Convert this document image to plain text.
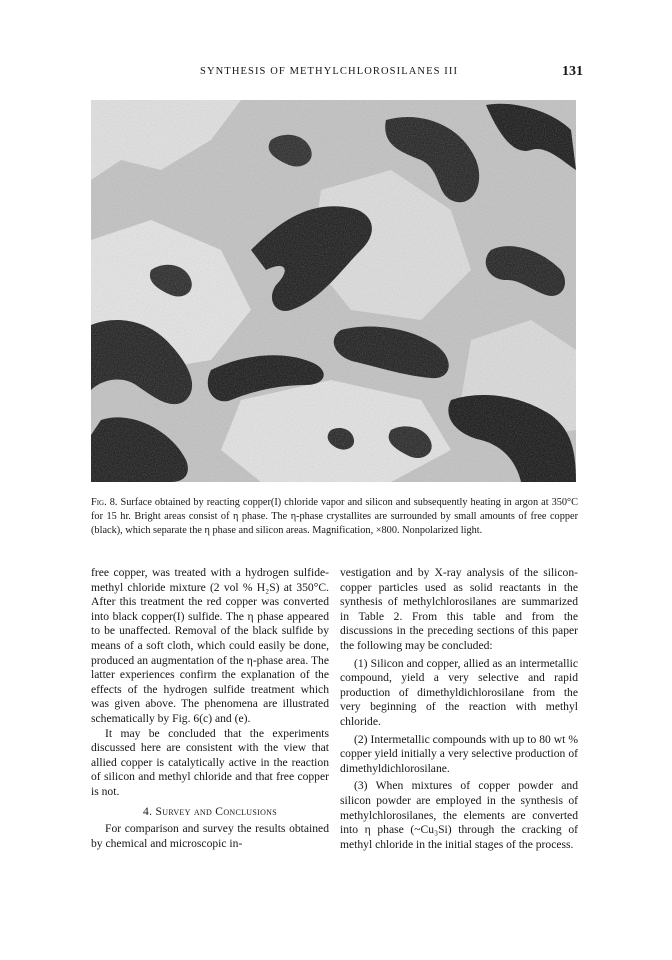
SYNTHESIS OF METHYLCHLOROSILANES III	131
Fig. 8. Surface obtained by reacting copper(I) chloride vapor and silicon and subsequently heating in argon at 350°C for 15 hr. Bright areas consist of η phase. The η-phase crystallites are surrounded by small amounts of free copper (black), which separate the η phase and silicon areas. Magnification, ×800. Nonpolarized light.

free copper, was treated with a hydrogen sulfide-methyl chloride mixture (2 vol % H₂S) at 350°C. After this treatment the red copper was converted into black copper(I) sulfide. The η phase appeared to be unaffected. Removal of the black sulfide by means of a soft cloth, which could easily be done, produced an augmentation of the η-phase area. The latter experiences confirm the explanation of the effects of the hydrogen sulfide treatment which was given above. The phenomena are illustrated schematically by Fig. 6(c) and (e).

It may be concluded that the experiments discussed here are consistent with the view that allied copper is catalytically active in the reaction of silicon and methyl chloride and that free copper is not.

4. Survey and Conclusions

For comparison and survey the results obtained by chemical and microscopic in-

vestigation and by X-ray analysis of the silicon-copper particles used as solid reactants in the synthesis of methylchlorosilanes are summarized in Table 2. From this table and from the discussions in the preceding sections of this paper the following may be concluded:

(1) Silicon and copper, allied as an intermetallic compound, yield a very selective and rapid production of dimethyldichlorosilane from the very beginning of the reaction with methyl chloride.

(2) Intermetallic compounds with up to 80 wt % copper yield initially a very selective production of dimethyldichlorosilane.

(3) When mixtures of copper powder and silicon powder are employed in the synthesis of methylchlorosilanes, the elements are converted into η phase (~Cu₃Si) through the cracking of methyl chloride in the initial stages of the process.
